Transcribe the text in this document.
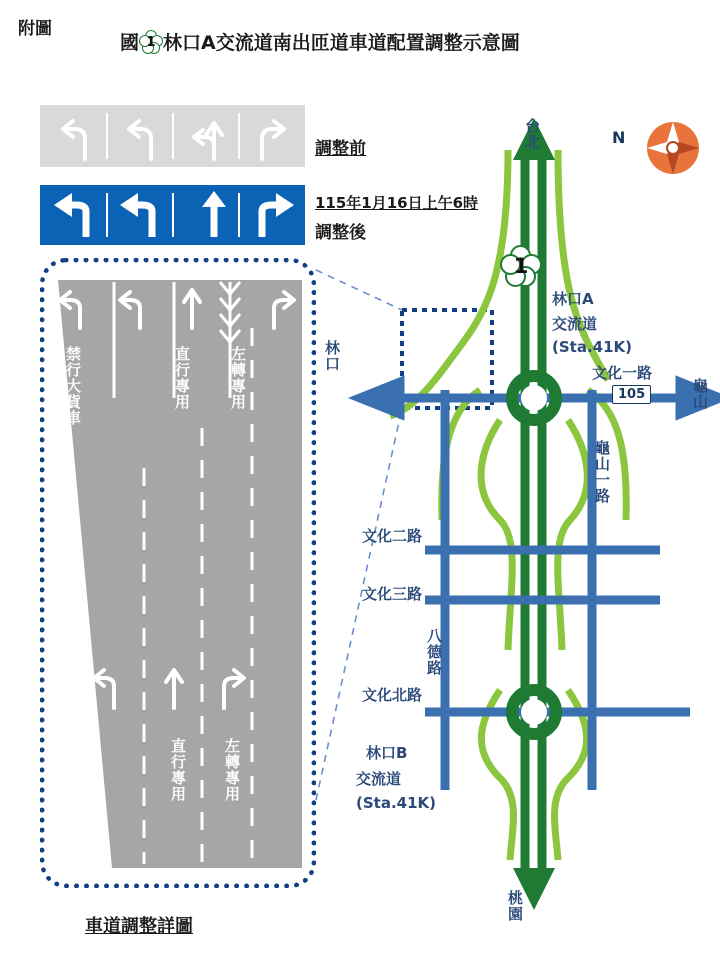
附圖
國 1 林口A交流道南出匝道車道配置調整示意圖
調整前
115年1月16日上午6時
調整後
禁行大貨車	直行專用	左轉專用
直行專用 左轉專用
車道調整詳圖
1
N
台北
桃園
林口
龜山
林口A
交流道
(Sta.41K)
文化一路
105
龜山一路
文化二路
文化三路
八德路
文化北路
林口B
交流道
(Sta.41K)
